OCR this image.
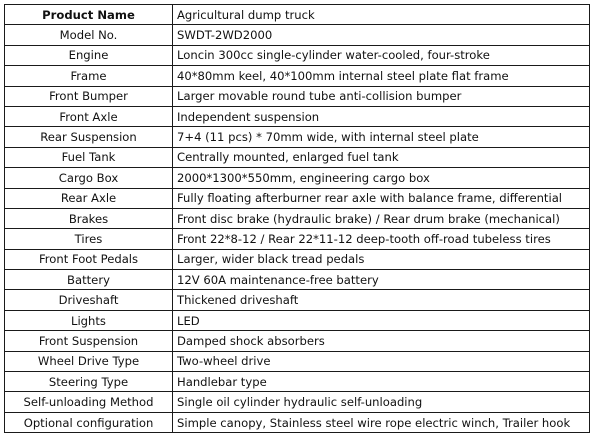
Product Name	Agricultural dump truck
Model No.	SWDT-2WD2000
Engine	Loncin 300cc single-cylinder water-cooled, four-stroke
Frame	40*80mm keel, 40*100mm internal steel plate flat frame
Front Bumper	Larger movable round tube anti-collision bumper
Front Axle	Independent suspension
Rear Suspension	7+4 (11 pcs) * 70mm wide, with internal steel plate
Fuel Tank	Centrally mounted, enlarged fuel tank
Cargo Box	2000*1300*550mm, engineering cargo box
Rear Axle	Fully floating afterburner rear axle with balance frame, differential
Brakes	Front disc brake (hydraulic brake) / Rear drum brake (mechanical)
Tires	Front 22*8-12 / Rear 22*11-12 deep-tooth off-road tubeless tires
Front Foot Pedals	Larger, wider black tread pedals
Battery	12V 60A maintenance-free battery
Driveshaft	Thickened driveshaft
Lights	LED
Front Suspension	Damped shock absorbers
Wheel Drive Type	Two-wheel drive
Steering Type	Handlebar type
Self-unloading Method	Single oil cylinder hydraulic self-unloading
Optional configuration	Simple canopy, Stainless steel wire rope electric winch, Trailer hook
